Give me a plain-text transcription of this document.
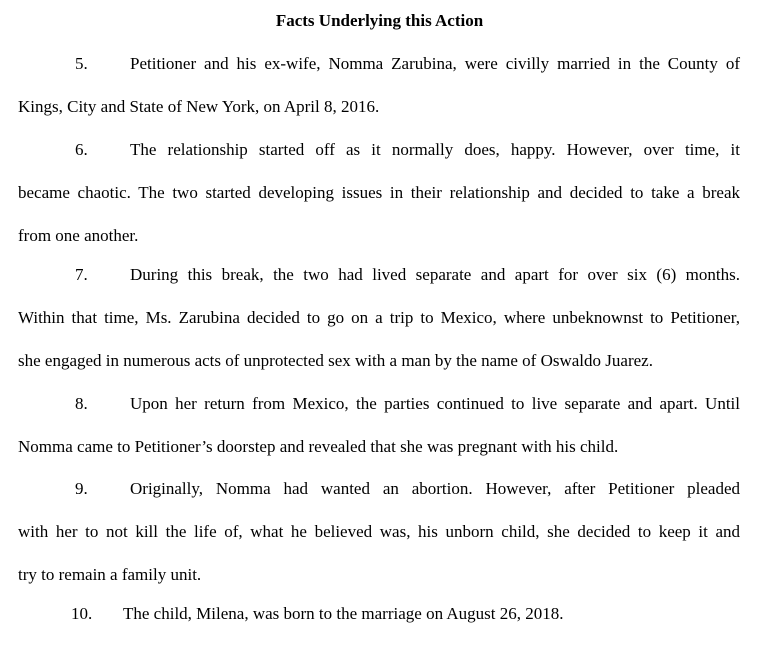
Facts Underlying this Action
5. Petitioner and his ex-wife, Nomma Zarubina, were civilly married in the County of
Kings, City and State of New York, on April 8, 2016.
6. The relationship started off as it normally does, happy. However, over time, it
became chaotic. The two started developing issues in their relationship and decided to take a break
from one another.
7. During this break, the two had lived separate and apart for over six (6) months.
Within that time, Ms. Zarubina decided to go on a trip to Mexico, where unbeknownst to Petitioner,
she engaged in numerous acts of unprotected sex with a man by the name of Oswaldo Juarez.
8. Upon her return from Mexico, the parties continued to live separate and apart. Until
Nomma came to Petitioner’s doorstep and revealed that she was pregnant with his child.
9. Originally, Nomma had wanted an abortion. However, after Petitioner pleaded
with her to not kill the life of, what he believed was, his unborn child, she decided to keep it and
try to remain a family unit.
10. The child, Milena, was born to the marriage on August 26, 2018.
